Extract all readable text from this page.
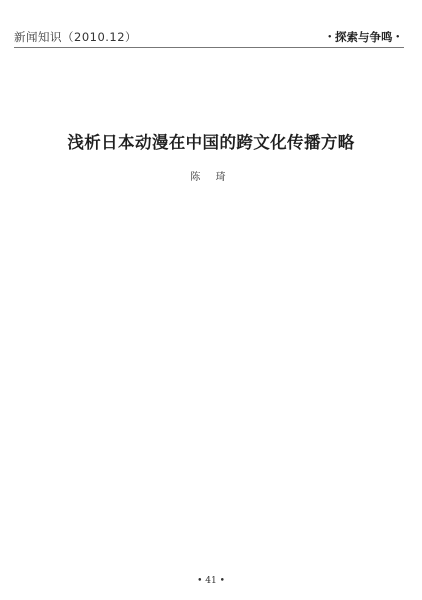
新闻知识（2010.12）	• 探索与争鸣 •
浅析日本动漫在中国的跨文化传播方略
陈 琦
• 41 •
